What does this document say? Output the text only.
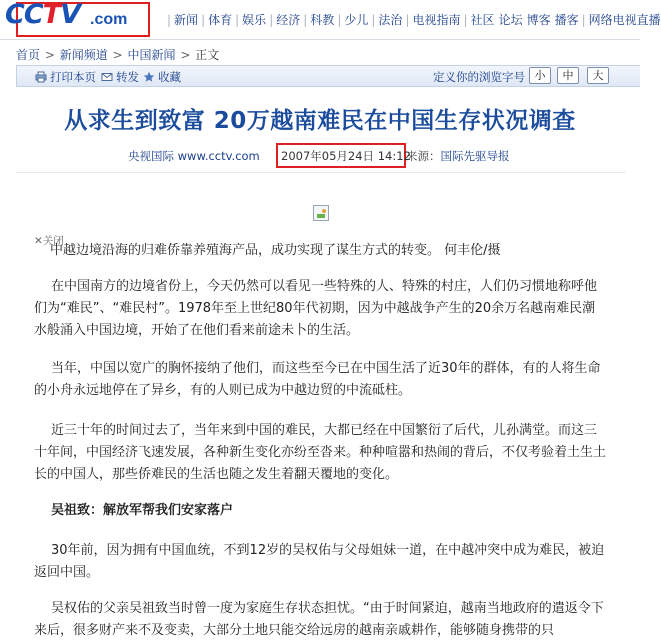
CCTV .com	| 新闻 | 体育 | 娱乐 | 经济 | 科教 | 少儿 | 法治 | 电视指南 | 社区 论坛 博客 播客 | 网络电视直播
首页 > 新闻频道 > 中国新闻 > 正文
打印本页 转发 收藏	定义你的浏览字号 小	中	大
从求生到致富 20万越南难民在中国生存状况调查
央视国际 www.cctv.com 2007年05月24日 14:12
来源：国际先驱导报
✕关闭

中越边境沿海的归难侨靠养殖海产品，成功实现了谋生方式的转变。 何丰伦/摄

在中国南方的边境省份上，今天仍然可以看见一些特殊的人、特殊的村庄，人们仍习惯地称呼他们为“难民”、“难民村”。1978年至上世纪80年代初期，因为中越战争产生的20余万名越南难民潮水般涌入中国边境，开始了在他们看来前途未卜的生活。

当年，中国以宽广的胸怀接纳了他们，而这些至今已在中国生活了近30年的群体，有的人将生命的小舟永远地停在了异乡，有的人则已成为中越边贸的中流砥柱。

近三十年的时间过去了，当年来到中国的难民，大都已经在中国繁衍了后代，儿孙满堂。而这三十年间，中国经济飞速发展，各种新生变化亦纷至沓来。种种喧嚣和热闹的背后，不仅考验着土生土长的中国人，那些侨难民的生活也随之发生着翻天覆地的变化。

吴祖致：解放军帮我们安家落户

30年前，因为拥有中国血统，不到12岁的吴权佑与父母姐妹一道，在中越冲突中成为难民，被迫返回中国。

吴权佑的父亲吴祖致当时曾一度为家庭生存状态担忧。“由于时间紧迫，越南当地政府的遣返令下来后，很多财产来不及变卖，大部分土地只能交给远房的越南亲戚耕作，能够随身携带的只
